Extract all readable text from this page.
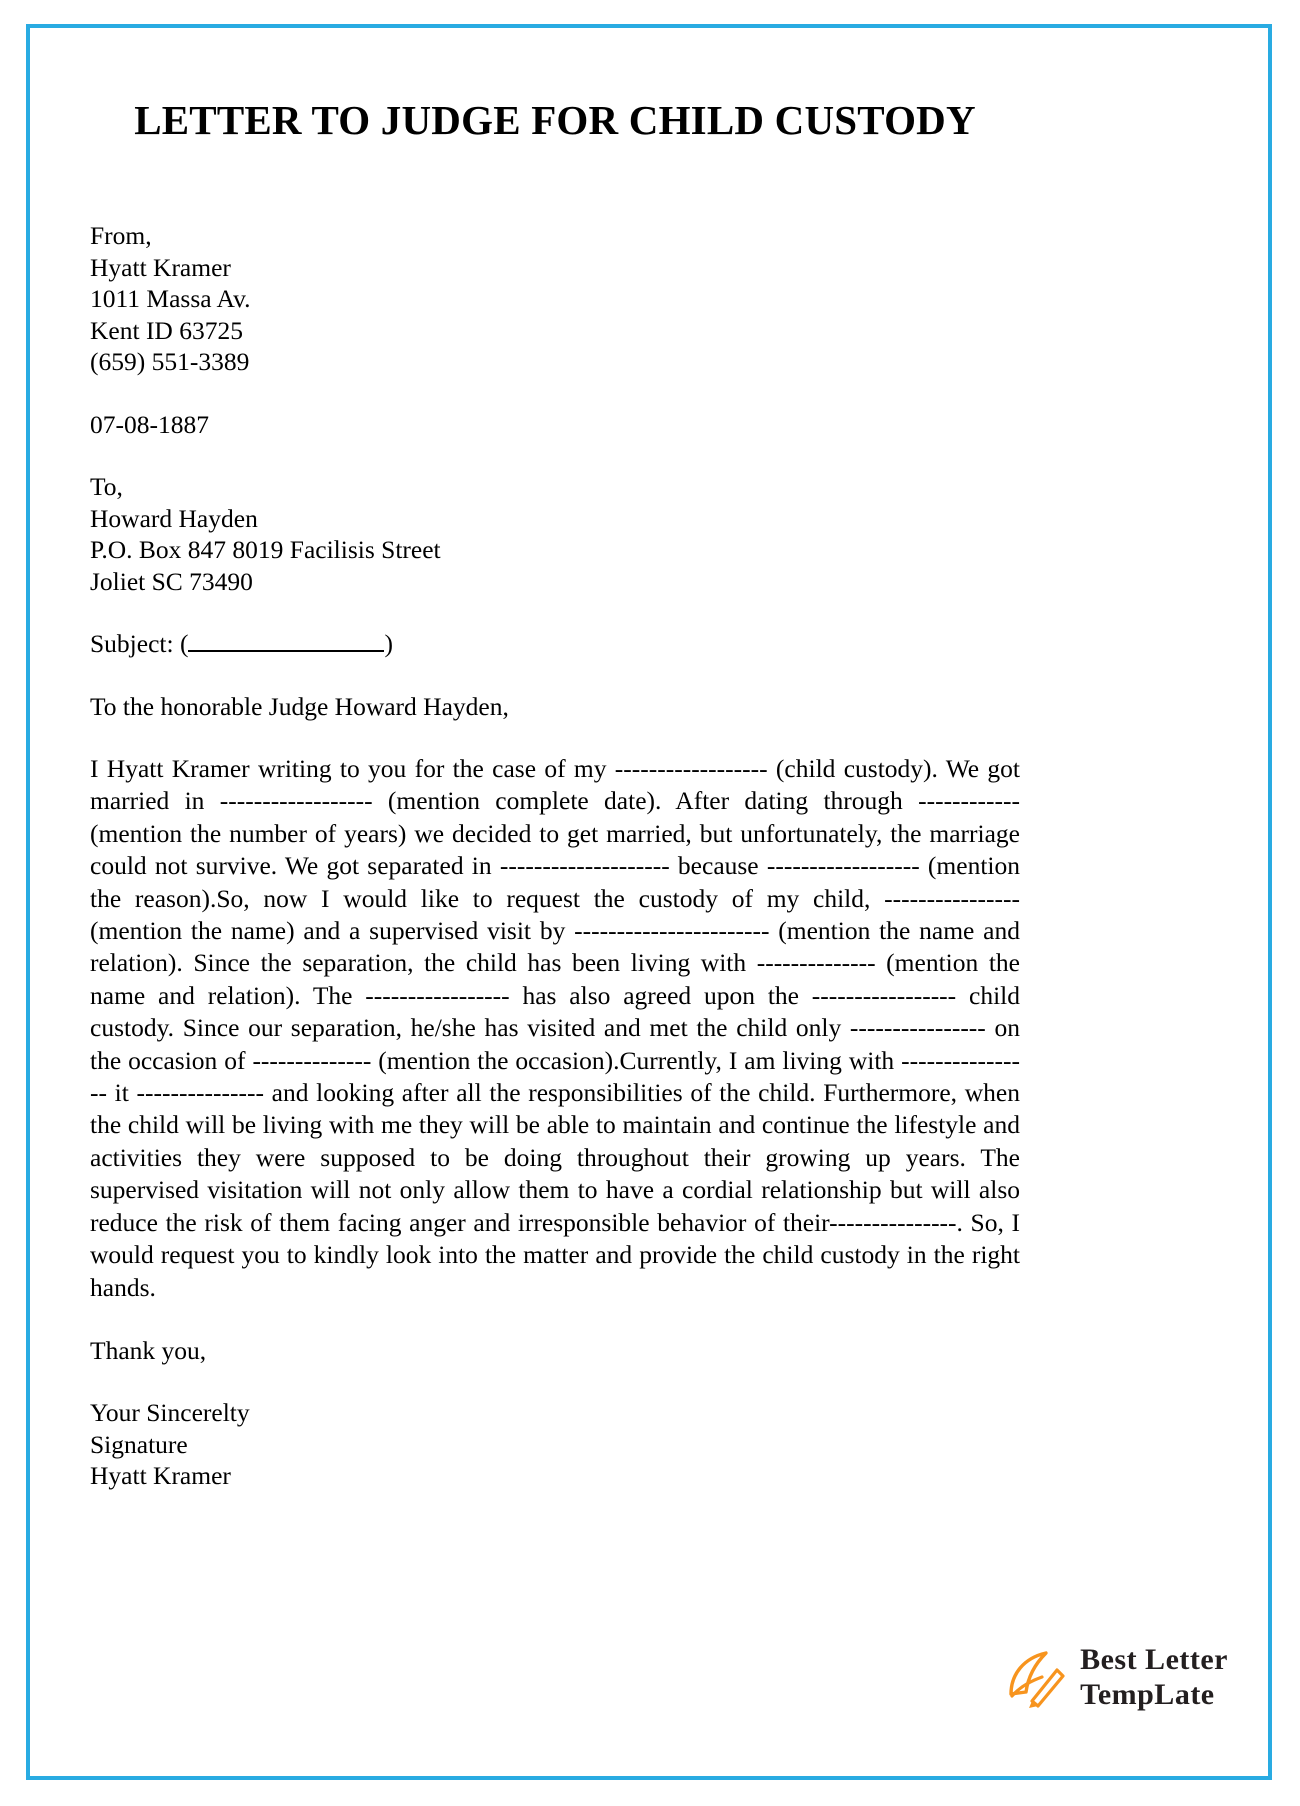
LETTER TO JUDGE FOR CHILD CUSTODY
From,
Hyatt Kramer
1011 Massa Av.
Kent ID 63725
(659) 551-3389
07-08-1887
To,
Howard Hayden
P.O. Box 847 8019 Facilisis Street
Joliet SC 73490
Subject: (	)
To the honorable Judge Howard Hayden,

I Hyatt Kramer writing to you for the case of my ------------------ (child custody). We got married in ------------------ (mention complete date). After dating through ------------ (mention the number of years) we decided to get married, but unfortunately, the marriage could not survive. We got separated in -------------------- because ------------------ (mention the reason).So, now I would like to request the custody of my child, ---------------- (mention the name) and a supervised visit by ----------------------- (mention the name and relation). Since the separation, the child has been living with -------------- (mention the name and relation). The ----------------- has also agreed upon the ----------------- child custody. Since our separation, he/she has visited and met the child only ---------------- on the occasion of -------------- (mention the occasion).Currently, I am living with ---------------- it --------------- and looking after all the responsibilities of the child. Furthermore, when the child will be living with me they will be able to maintain and continue the lifestyle and activities they were supposed to be doing throughout their growing up years. The supervised visitation will not only allow them to have a cordial relationship but will also reduce the risk of them facing anger and irresponsible behavior of their---------------. So, I would request you to kindly look into the matter and provide the child custody in the right hands.

Thank you,
Your Sincerelty
Signature
Hyatt Kramer
Best Letter
TempLate
